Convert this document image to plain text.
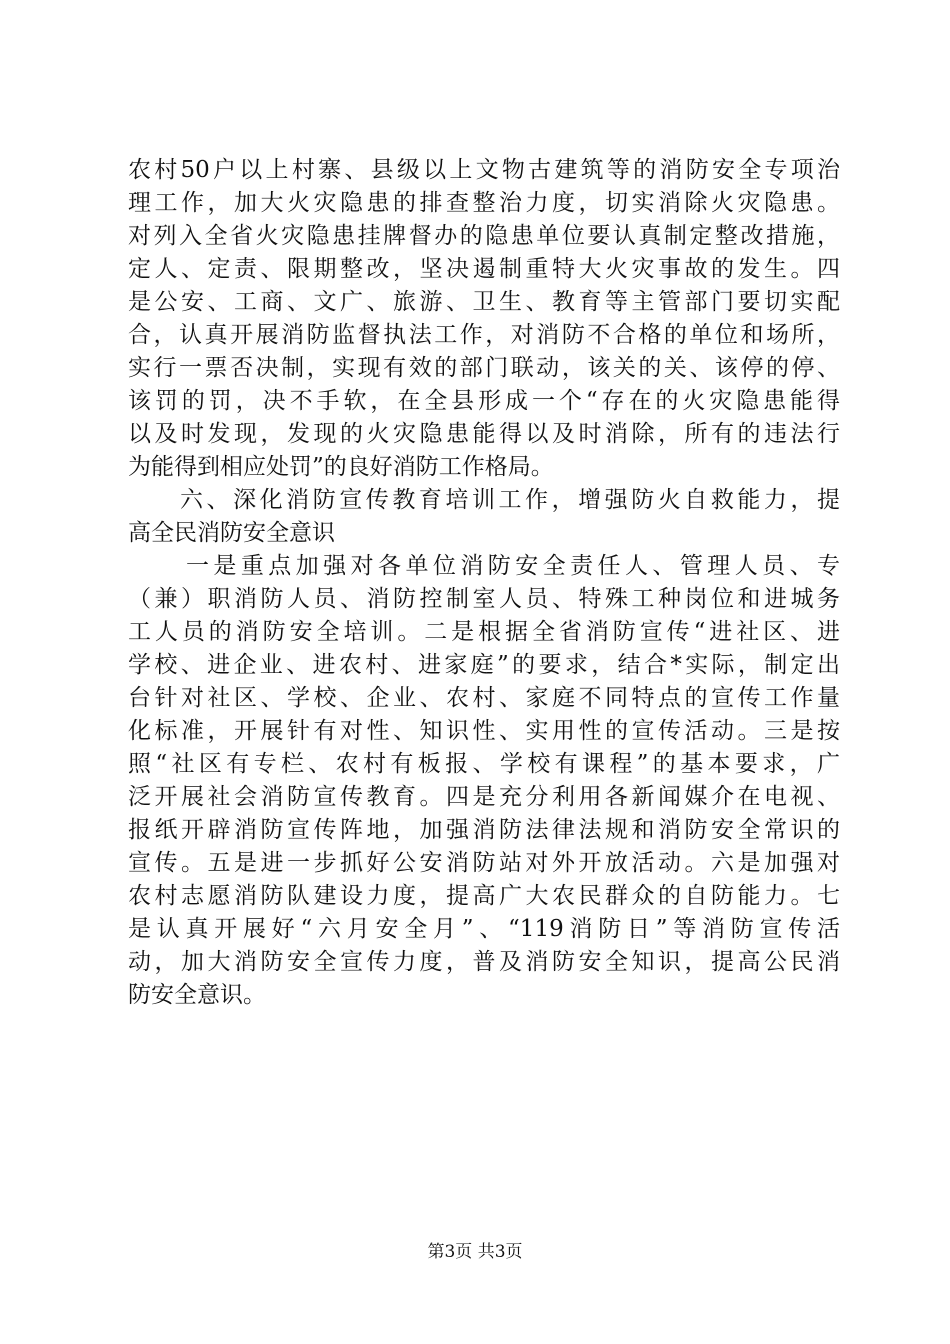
农村50户以上村寨、县级以上文物古建筑等的消防安全专项治
理工作，加大火灾隐患的排查整治力度，切实消除火灾隐患。
对列入全省火灾隐患挂牌督办的隐患单位要认真制定整改措施，
定人、定责、限期整改，坚决遏制重特大火灾事故的发生。四
是公安、工商、文广、旅游、卫生、教育等主管部门要切实配
合，认真开展消防监督执法工作，对消防不合格的单位和场所，
实行一票否决制，实现有效的部门联动，该关的关、该停的停、
该罚的罚，决不手软，在全县形成一个“存在的火灾隐患能得
以及时发现，发现的火灾隐患能得以及时消除，所有的违法行
为能得到相应处罚”的良好消防工作格局。
六、深化消防宣传教育培训工作，增强防火自救能力，提
高全民消防安全意识
一是重点加强对各单位消防安全责任人、管理人员、专
（兼）职消防人员、消防控制室人员、特殊工种岗位和进城务
工人员的消防安全培训。二是根据全省消防宣传“进社区、进
学校、进企业、进农村、进家庭”的要求，结合*实际，制定出
台针对社区、学校、企业、农村、家庭不同特点的宣传工作量
化标准，开展针有对性、知识性、实用性的宣传活动。三是按
照“社区有专栏、农村有板报、学校有课程”的基本要求，广
泛开展社会消防宣传教育。四是充分利用各新闻媒介在电视、
报纸开辟消防宣传阵地，加强消防法律法规和消防安全常识的
宣传。五是进一步抓好公安消防站对外开放活动。六是加强对
农村志愿消防队建设力度，提高广大农民群众的自防能力。七
是认真开展好“六月安全月”、“119消防日”等消防宣传活
动，加大消防安全宣传力度，普及消防安全知识，提高公民消
防安全意识。
第3页 共3页
